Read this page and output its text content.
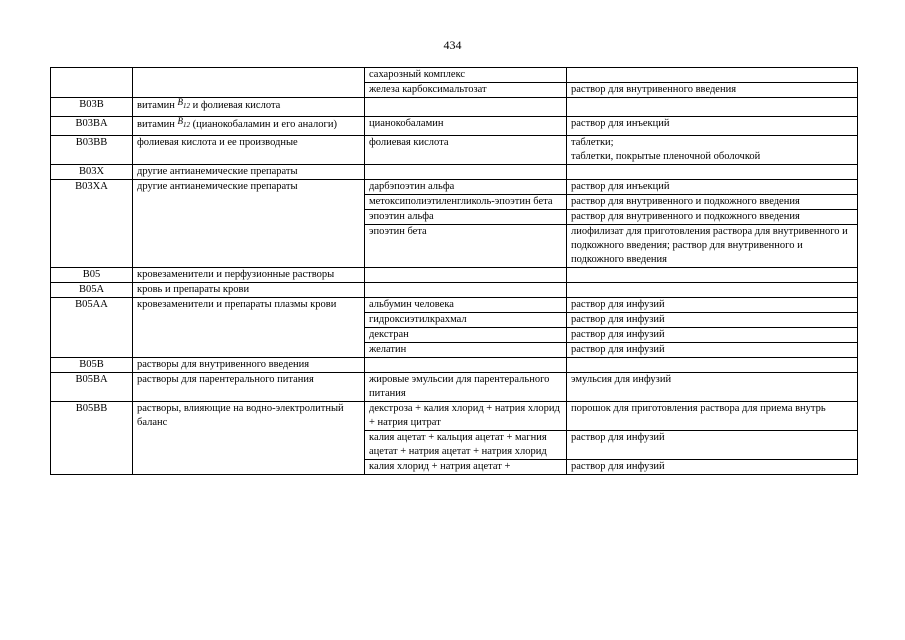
434
		сахарозный комплекс	
		железа карбоксимальтозат	раствор для внутривенного введения
B03B	витамин $B_{12}$ и фолиевая кислота		
B03BA	витамин $B_{12}$ (цианокобаламин и его аналоги)	цианокобаламин	раствор для инъекций
B03BB	фолиевая кислота и ее производные	фолиевая кислота	таблетки;
таблетки, покрытые пленочной оболочкой
B03X	другие антианемические препараты		
B03XA	другие антианемические препараты	дарбэпоэтин альфа	раствор для инъекций
		метоксиполиэтиленгликоль-эпоэтин бета	раствор для внутривенного и подкожного введения
		эпоэтин альфа	раствор для внутривенного и подкожного введения
		эпоэтин бета	лиофилизат для приготовления раствора для внутривенного и подкожного введения; раствор для внутривенного и подкожного введения
B05	кровезаменители и перфузионные растворы		
B05A	кровь и препараты крови		
B05AA	кровезаменители и препараты плазмы крови	альбумин человека	раствор для инфузий
		гидроксиэтилкрахмал	раствор для инфузий
		декстран	раствор для инфузий
		желатин	раствор для инфузий
B05B	растворы для внутривенного введения		
B05BA	растворы для парентерального питания	жировые эмульсии для парентерального питания	эмульсия для инфузий
B05BB	растворы, влияющие на водно-электролитный баланс	декстроза + калия хлорид + натрия хлорид + натрия цитрат	порошок для приготовления раствора для приема внутрь
		калия ацетат + кальция ацетат + магния ацетат + натрия ацетат + натрия хлорид	раствор для инфузий
		калия хлорид + натрия ацетат +	раствор для инфузий
